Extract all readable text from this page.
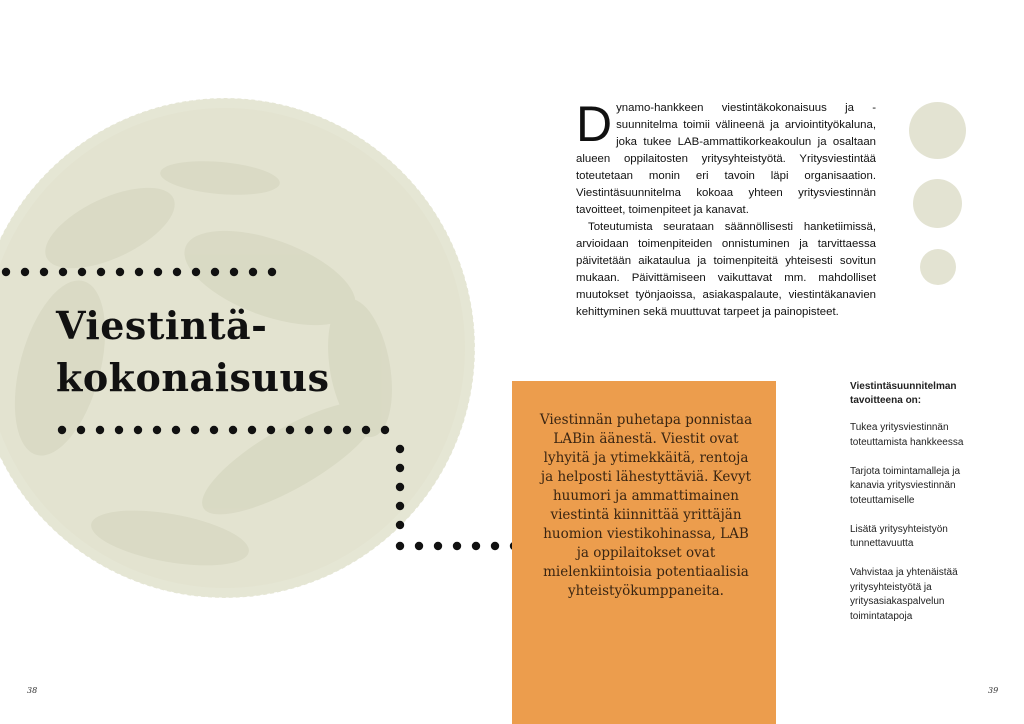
Viestintä-
kokonaisuus

Dynamo-hankkeen viestintäkokonaisuus ja -suunnitelma toimii välineenä ja arviointityökaluna, joka tukee LAB-ammattikorkeakoulun ja osaltaan alueen oppilaitosten yritysyhteistyötä. Yritysviestintää toteutetaan monin eri tavoin läpi organisaation. Viestintäsuunnitelma kokoaa yhteen yritysviestinnän tavoitteet, toimenpiteet ja kanavat.

Toteutumista seurataan säännöllisesti hanketiimissä, arvioidaan toimenpiteiden onnistuminen ja tarvittaessa päivitetään aikataulua ja toimenpiteitä yhteisesti sovitun mukaan. Päivittämiseen vaikuttavat mm. mahdolliset muutokset työnjaoissa, asiakaspalaute, viestintäkanavien kehittyminen sekä muuttuvat tarpeet ja painopisteet.

Viestinnän puhetapa ponnistaa LABin äänestä. Viestit ovat lyhyitä ja ytimekkäitä, rentoja ja helposti lähestyttäviä. Kevyt huumori ja ammattimainen viestintä kiinnittää yrittäjän huomion viestikohinassa, LAB ja oppilaitokset ovat mielenkiintoisia potentiaalisia yhteistyökumppaneita.

Viestintäsuunnitelman tavoitteena on:
Tukea yritysviestinnän toteuttamista hankkeessa
Tarjota toimintamalleja ja kanavia yritysviestinnän toteuttamiselle
Lisätä yritysyhteistyön tunnettavuutta
Vahvistaa ja yhtenäistää yritysyhteistyötä ja yritysasiakaspalvelun toimintatapoja
38	39
